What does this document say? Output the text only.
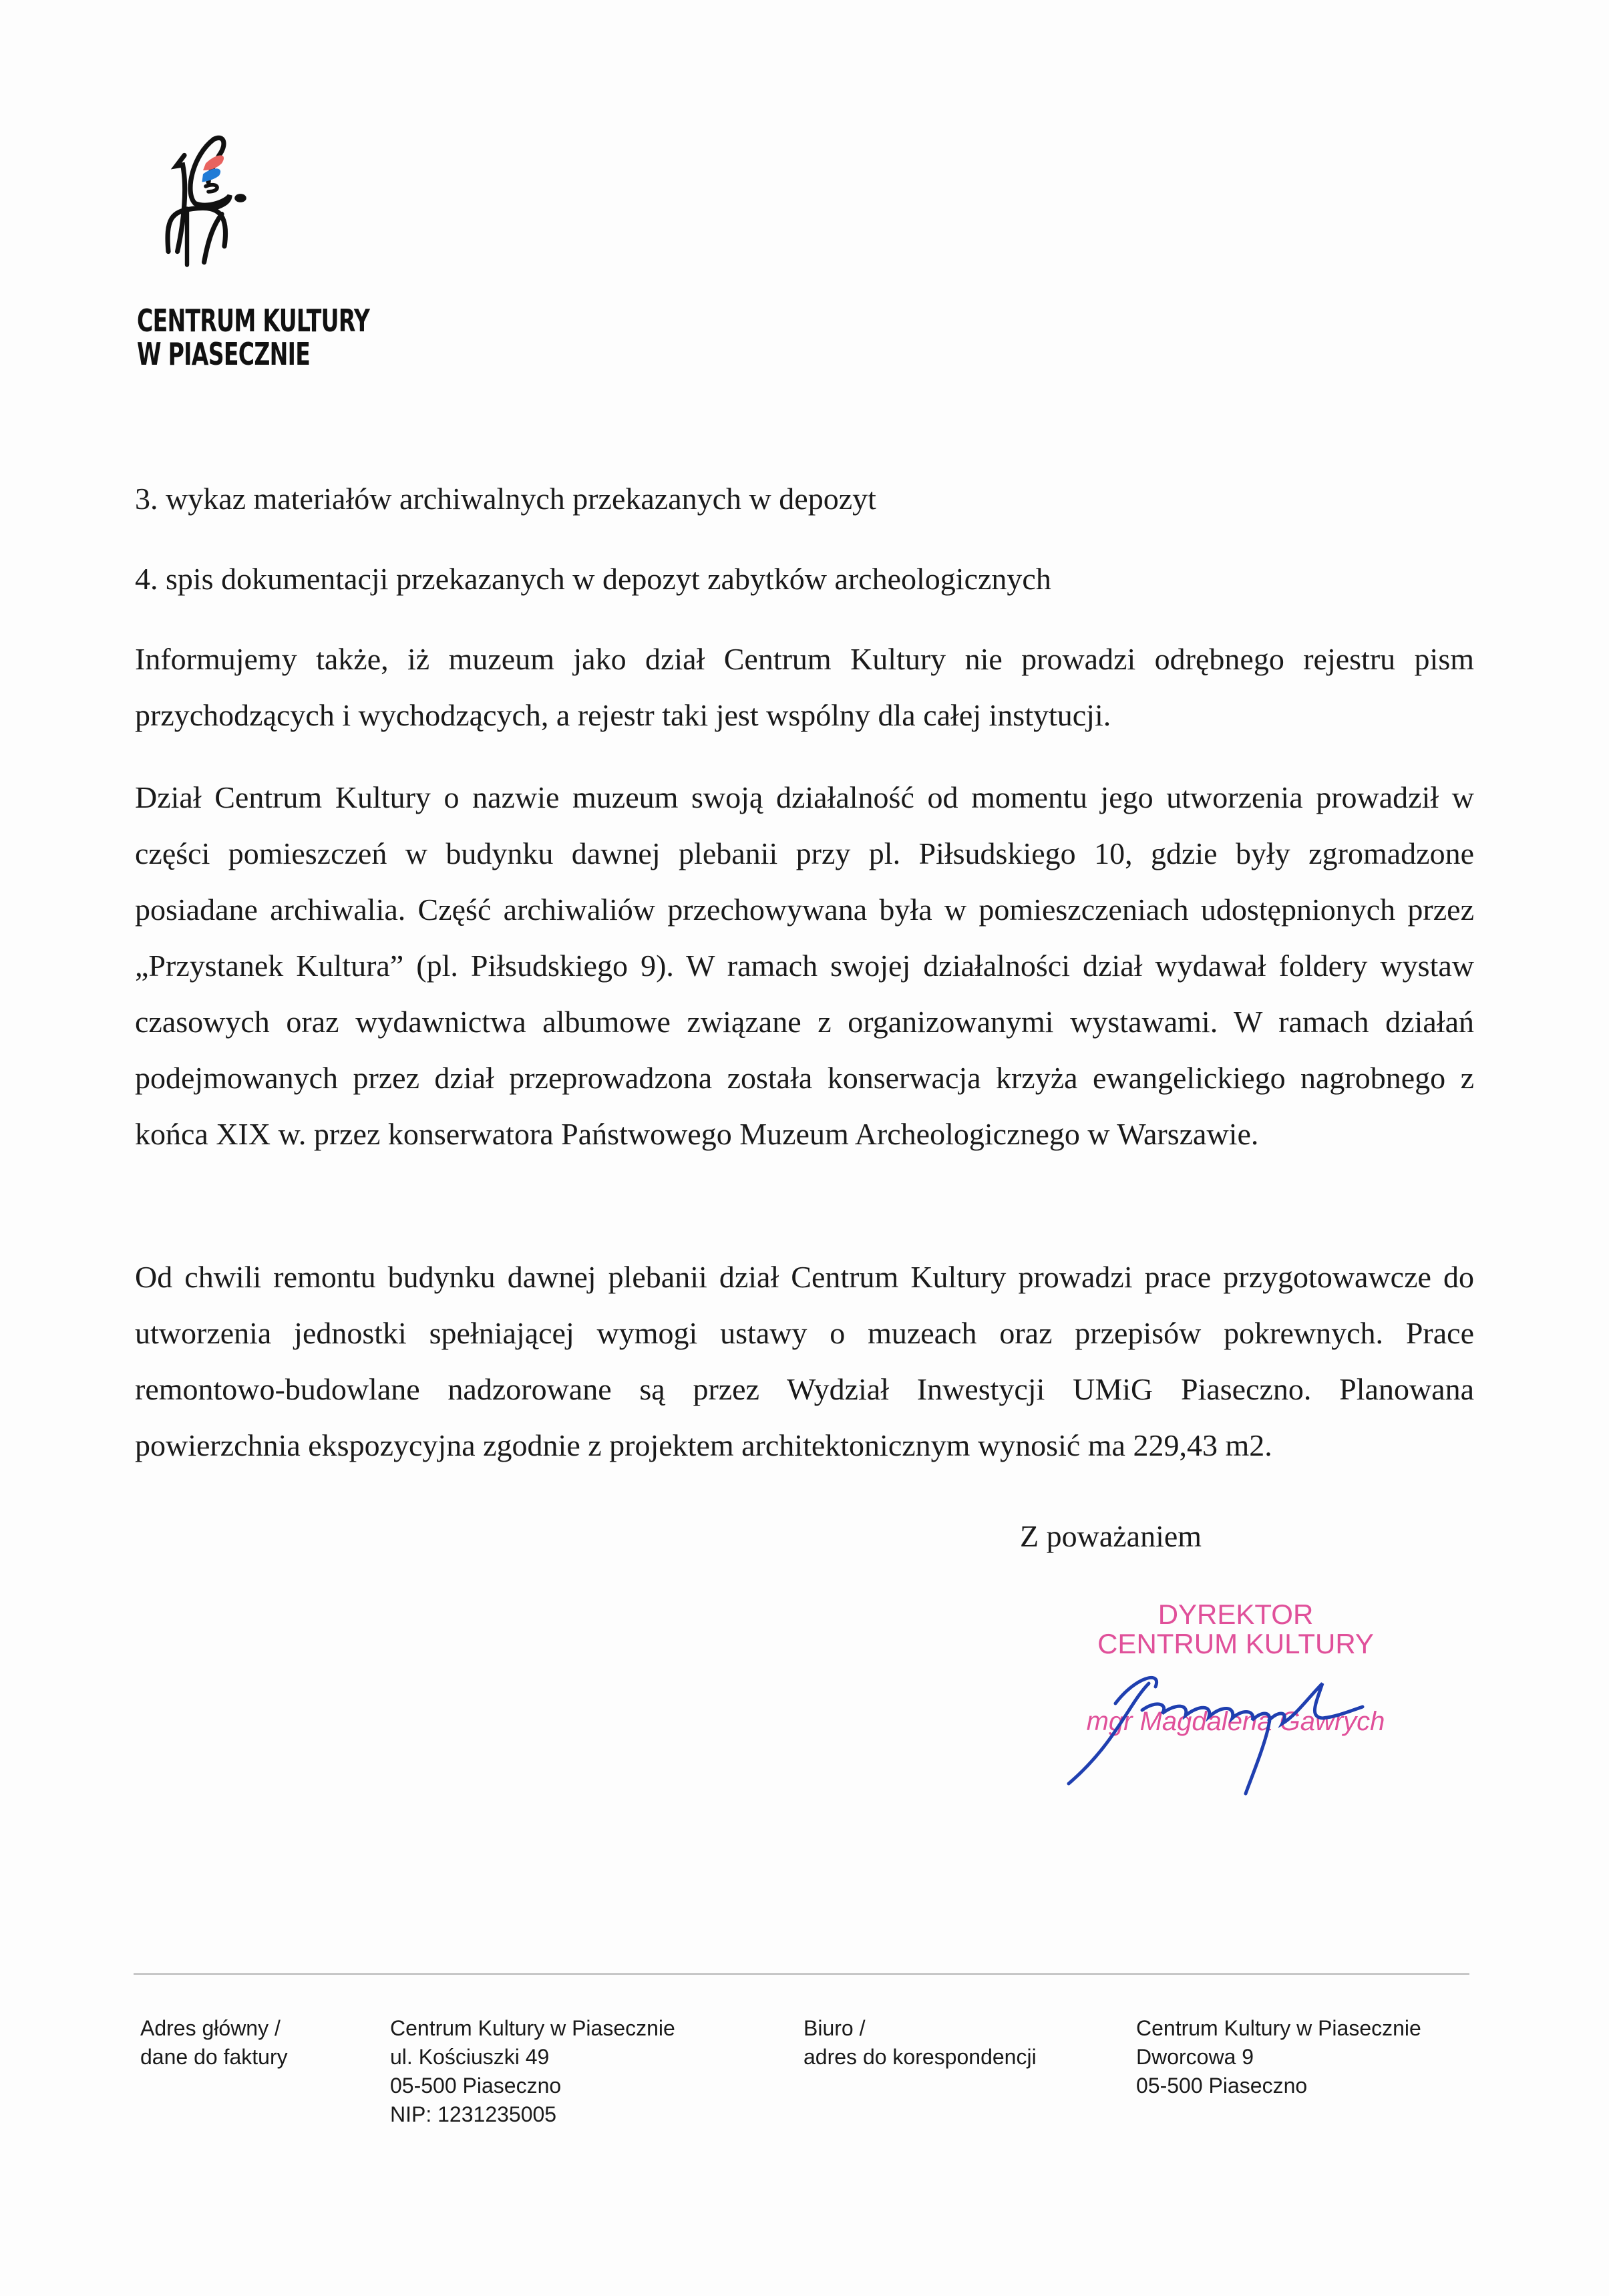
CENTRUM KULTURY
W PIASECZNIE

3. wykaz materiałów archiwalnych przekazanych w depozyt

4. spis dokumentacji przekazanych w depozyt zabytków archeologicznych

Informujemy także, iż muzeum jako dział Centrum Kultury nie prowadzi odrębnego rejestru pism przychodzących i wychodzących, a rejestr taki jest wspólny dla całej instytucji.

Dział Centrum Kultury o nazwie muzeum swoją działalność od momentu jego utworzenia prowadził w części pomieszczeń w budynku dawnej plebanii przy pl. Piłsudskiego 10, gdzie były zgromadzone posiadane archiwalia. Część archiwaliów przechowywana była w pomieszczeniach udostępnionych przez „Przystanek Kultura” (pl. Piłsudskiego 9). W ramach swojej działalności dział wydawał foldery wystaw czasowych oraz wydawnictwa albumowe związane z organizowanymi wystawami. W ramach działań podejmowanych przez dział przeprowadzona została konserwacja krzyża ewangelickiego nagrobnego z końca XIX w. przez konserwatora Państwowego Muzeum Archeologicznego w Warszawie.

Od chwili remontu budynku dawnej plebanii dział Centrum Kultury prowadzi prace przygotowawcze do utworzenia jednostki spełniającej wymogi ustawy o muzeach oraz przepisów pokrewnych. Prace remontowo-budowlane nadzorowane są przez Wydział Inwestycji UMiG Piaseczno. Planowana powierzchnia ekspozycyjna zgodnie z projektem architektonicznym wynosić ma 229,43 m2.

Z poważaniem
DYREKTOR
CENTRUM KULTURY
mgr Magdalena Gawrych
Adres główny /
dane do faktury
Centrum Kultury w Piasecznie
ul. Kościuszki 49
05-500 Piaseczno
NIP: 1231235005
Biuro /
adres do korespondencji
Centrum Kultury w Piasecznie
Dworcowa 9
05-500 Piaseczno
